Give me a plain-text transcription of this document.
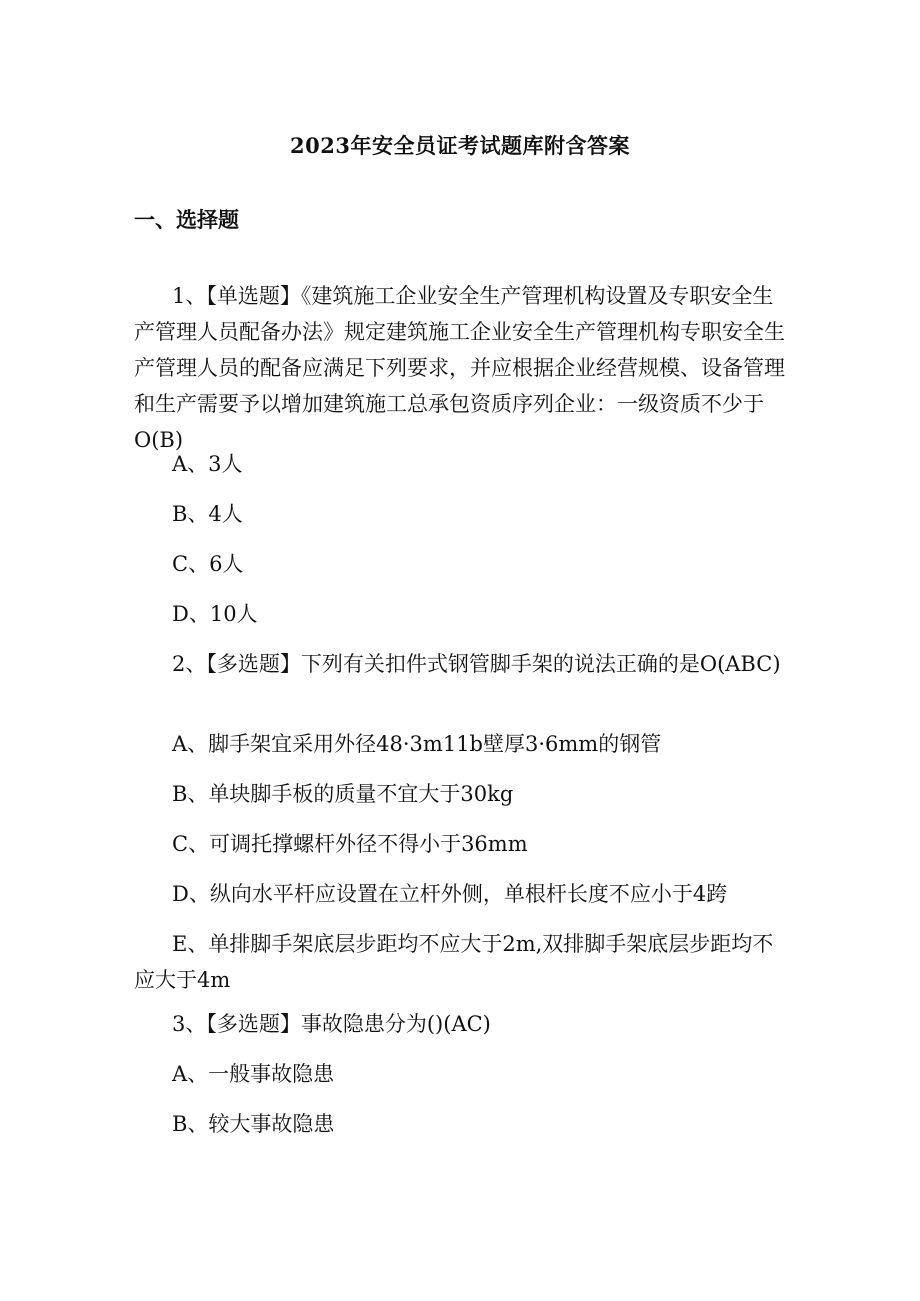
2023年安全员证考试题库附含答案
一、选择题

1、【单选题】《建筑施工企业安全生产管理机构设置及专职安全生产管理人员配备办法》规定建筑施工企业安全生产管理机构专职安全生产管理人员的配备应满足下列要求，并应根据企业经营规模、设备管理和生产需要予以增加建筑施工总承包资质序列企业：一级资质不少于O(B)

A、3人

B、4人

C、6人

D、10人

2、【多选题】下列有关扣件式钢管脚手架的说法正确的是O(ABC)

A、脚手架宜采用外径48·3m11b壁厚3·6mm的钢管

B、单块脚手板的质量不宜大于30kg

C、可调托撑螺杆外径不得小于36mm

D、纵向水平杆应设置在立杆外侧，单根杆长度不应小于4跨

E、单排脚手架底层步距均不应大于2m,双排脚手架底层步距均不应大于4m

3、【多选题】事故隐患分为()(AC)

A、一般事故隐患

B、较大事故隐患
